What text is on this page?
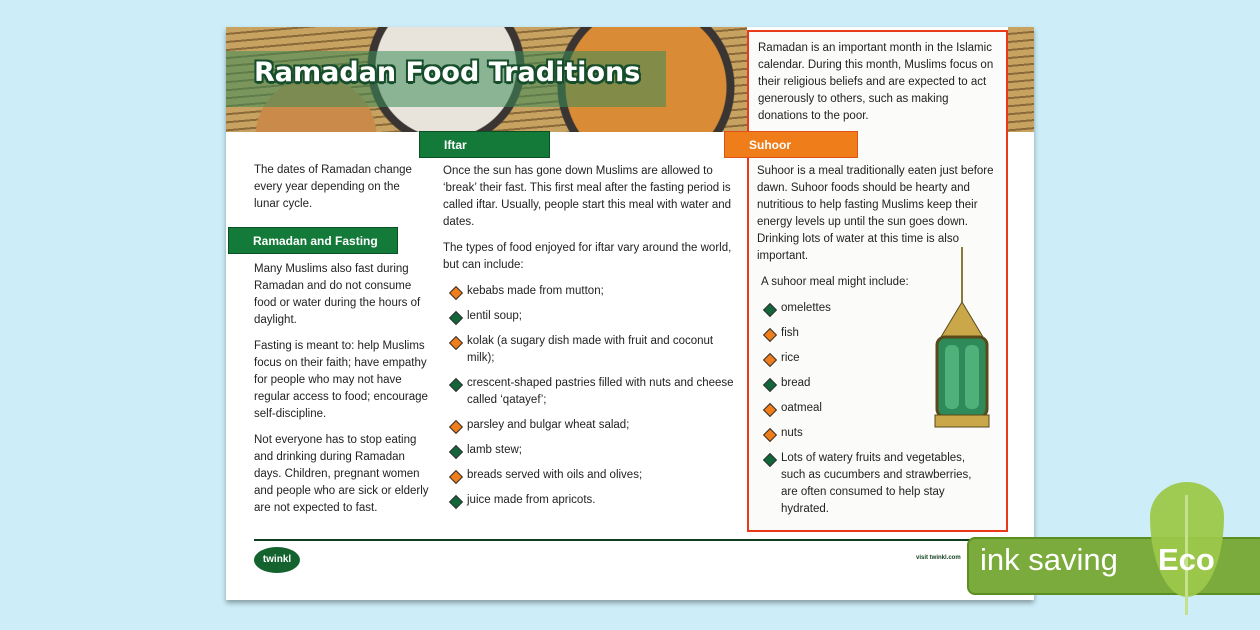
Ramadan Food Traditions
Ramadan is an important month in the Islamic calendar. During this month, Muslims focus on their religious beliefs and are expected to act generously to others, such as making donations to the poor.
The dates of Ramadan change every year depending on the lunar cycle.
Ramadan and Fasting

Many Muslims also fast during Ramadan and do not consume food or water during the hours of daylight.

Fasting is meant to: help Muslims focus on their faith; have empathy for people who may not have regular access to food; encourage self-discipline.

Not everyone has to stop eating and drinking during Ramadan days. Children, pregnant women and people who are sick or elderly are not expected to fast.

Iftar

Once the sun has gone down Muslims are allowed to ‘break’ their fast. This first meal after the fasting period is called iftar. Usually, people start this meal with water and dates.

The types of food enjoyed for iftar vary around the world, but can include:

kebabs made from mutton;
lentil soup;
kolak (a sugary dish made with fruit and coconut milk);
crescent-shaped pastries filled with nuts and cheese called ‘qatayef’;
parsley and bulgar wheat salad;
lamb stew;
breads served with oils and olives;
juice made from apricots.
Suhoor

Suhoor is a meal traditionally eaten just before dawn. Suhoor foods should be hearty and nutritious to help fasting Muslims keep their energy levels up until the sun goes down. Drinking lots of water at this time is also important.

A suhoor meal might include:

omelettes
fish
rice
bread
oatmeal
nuts
Lots of watery fruits and vegetables, such as cucumbers and strawberries, are often consumed to help stay hydrated.
twinkl	visit twinkl.com ink saving Eco
